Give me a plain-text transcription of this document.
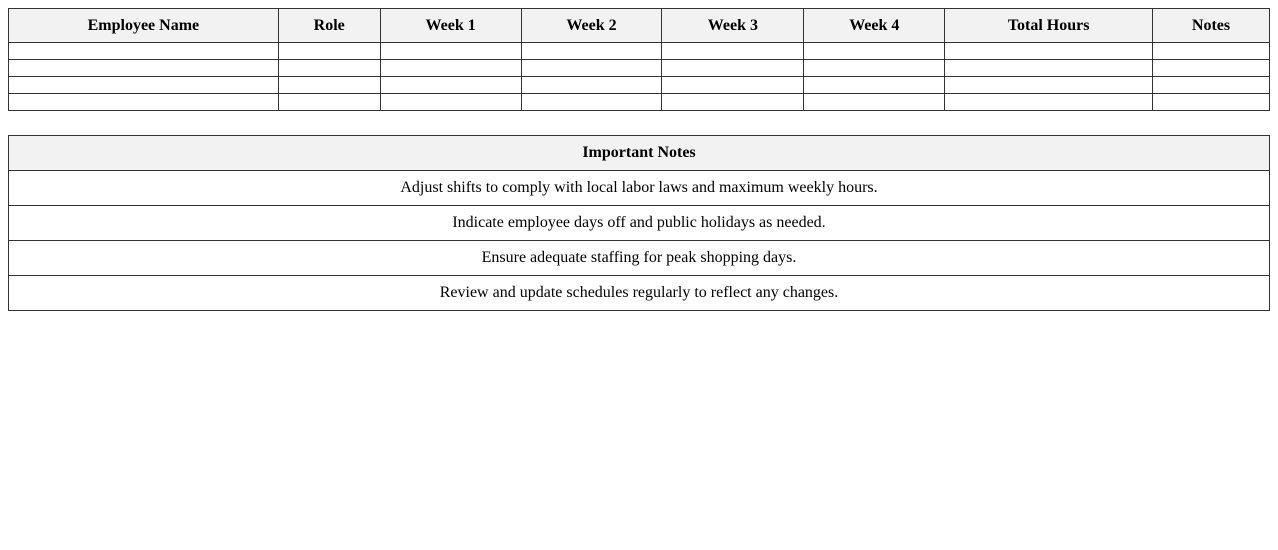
Employee Name	Role	Week 1	Week 2	Week 3	Week 4	Total Hours	Notes

Important Notes
Adjust shifts to comply with local labor laws and maximum weekly hours.
Indicate employee days off and public holidays as needed.
Ensure adequate staffing for peak shopping days.
Review and update schedules regularly to reflect any changes.
